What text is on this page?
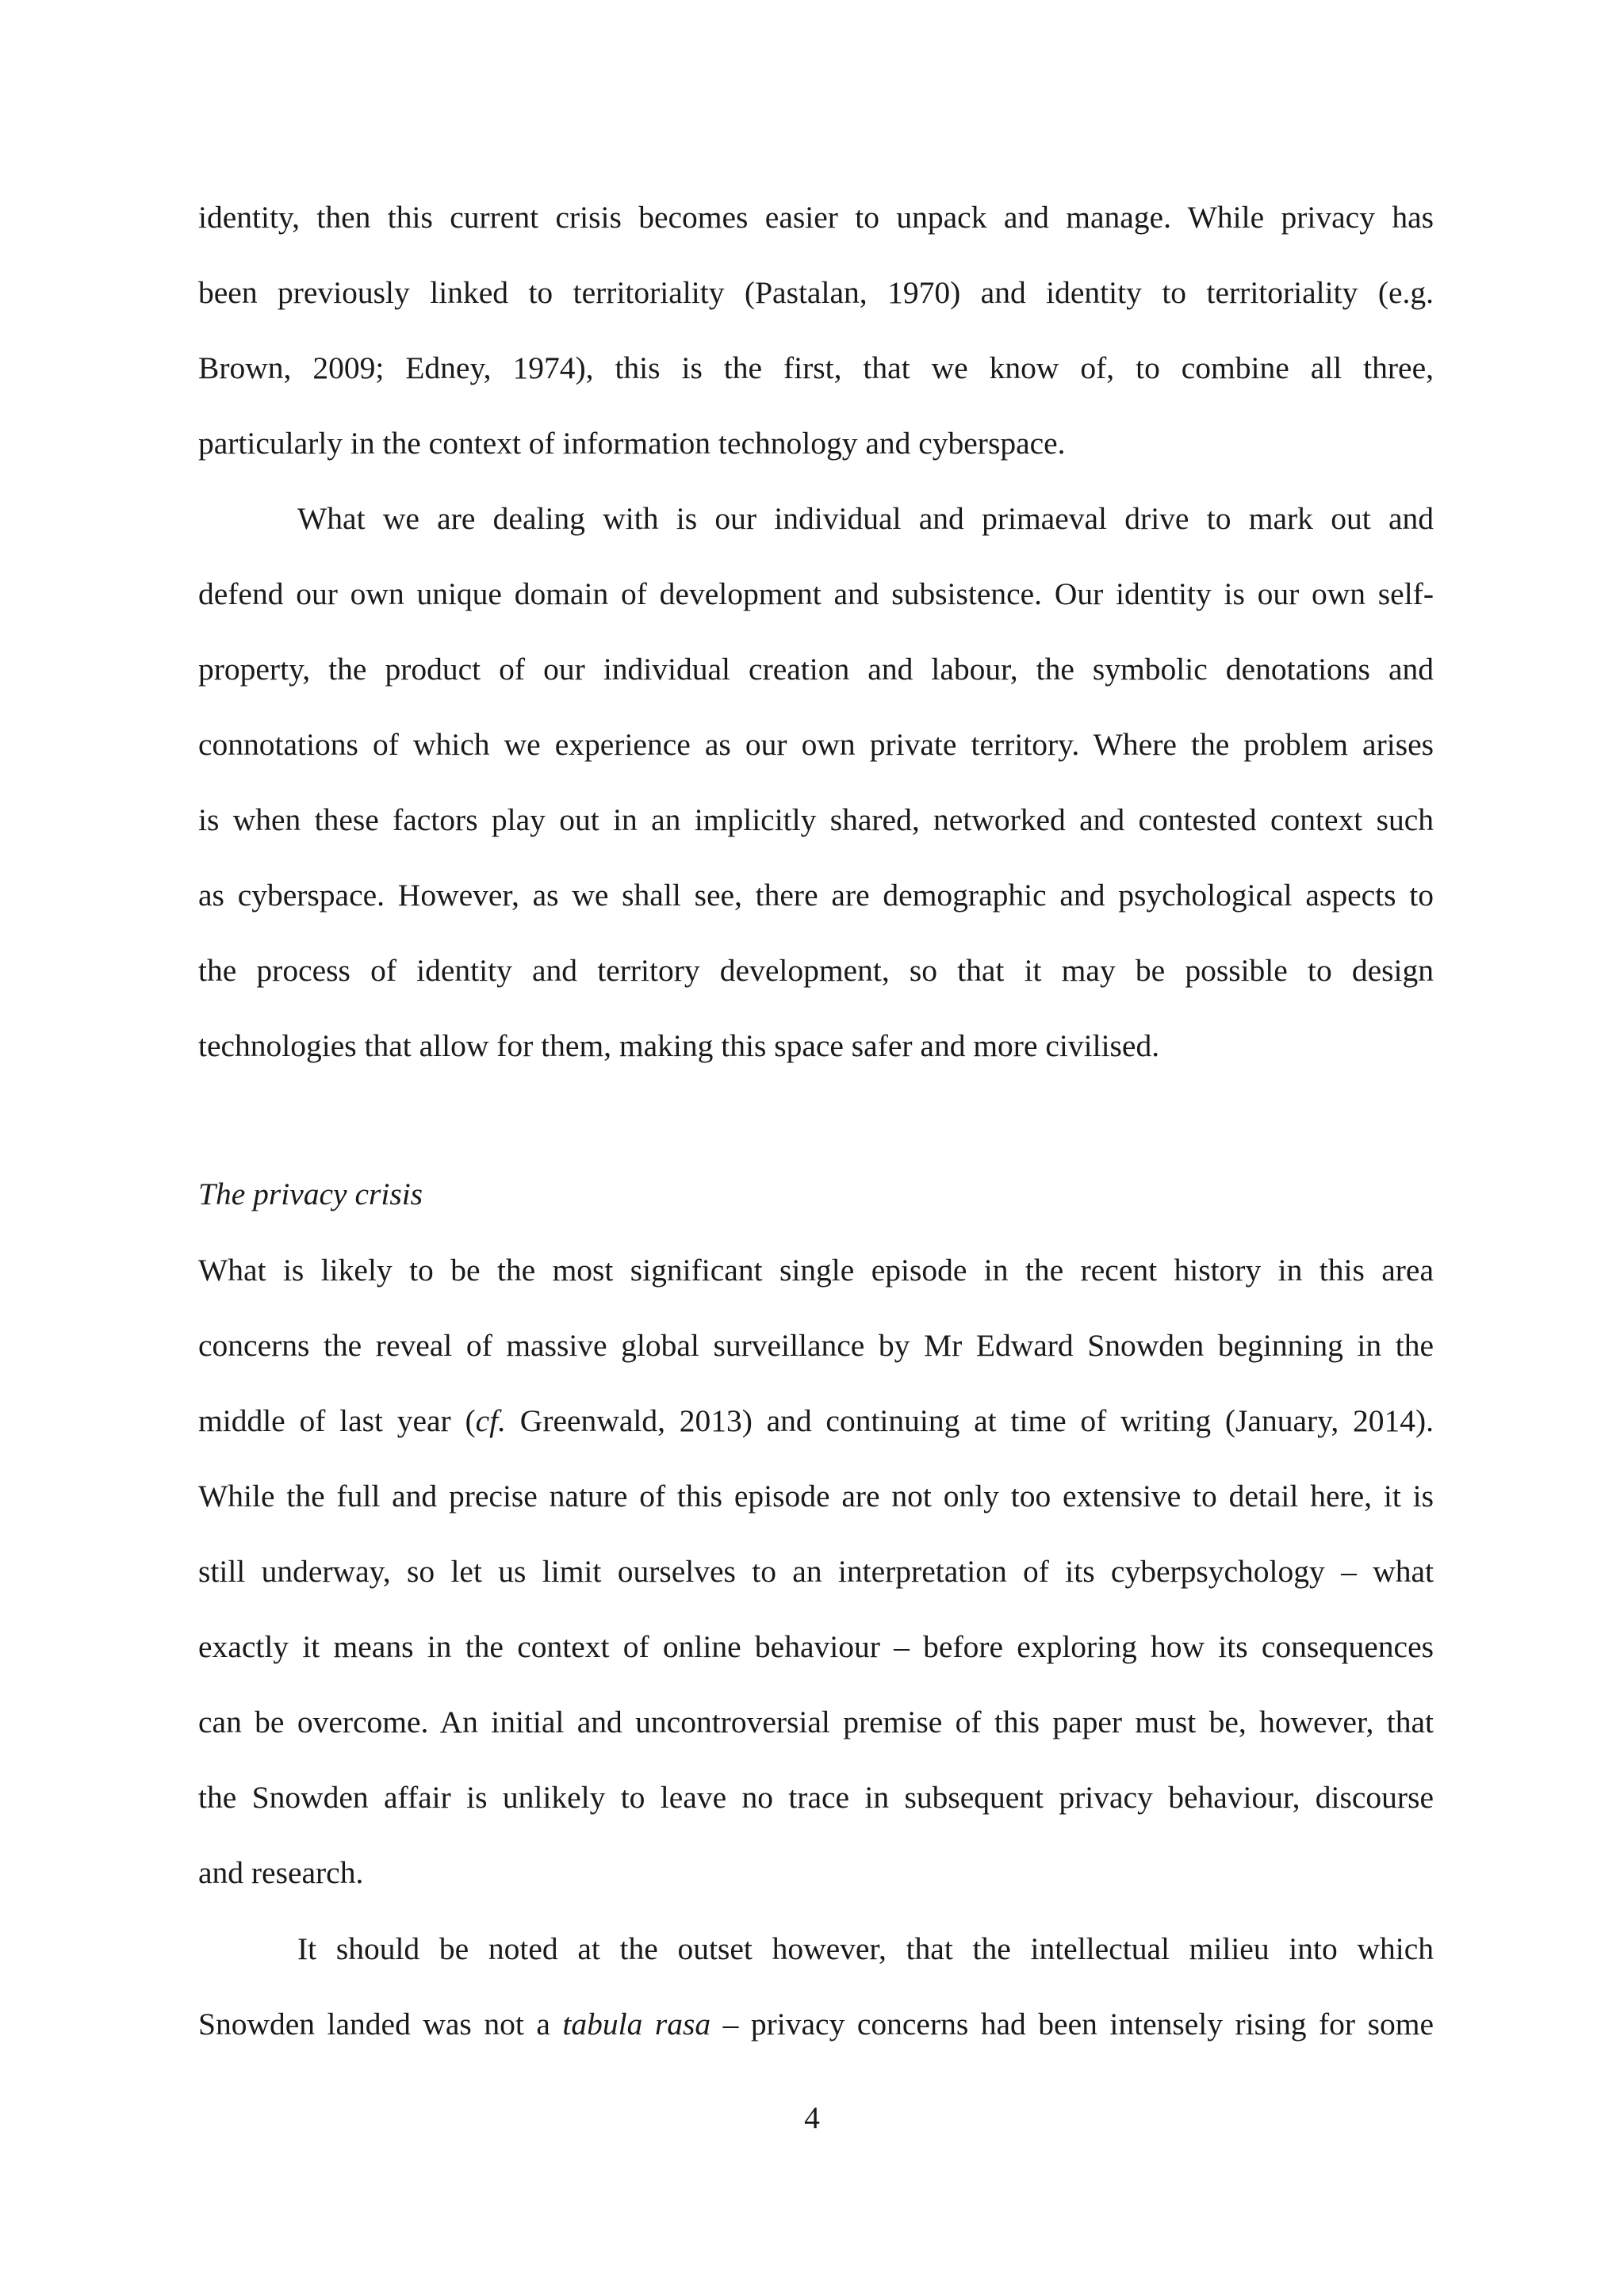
identity, then this current crisis becomes easier to unpack and manage. While privacy has
been previously linked to territoriality (Pastalan, 1970) and identity to territoriality (e.g.
Brown, 2009; Edney, 1974), this is the first, that we know of, to combine all three,
particularly in the context of information technology and cyberspace.
What we are dealing with is our individual and primaeval drive to mark out and
defend our own unique domain of development and subsistence. Our identity is our own self-
property, the product of our individual creation and labour, the symbolic denotations and
connotations of which we experience as our own private territory. Where the problem arises
is when these factors play out in an implicitly shared, networked and contested context such
as cyberspace. However, as we shall see, there are demographic and psychological aspects to
the process of identity and territory development, so that it may be possible to design
technologies that allow for them, making this space safer and more civilised.
The privacy crisis
What is likely to be the most significant single episode in the recent history in this area
concerns the reveal of massive global surveillance by Mr Edward Snowden beginning in the
middle of last year (cf. Greenwald, 2013) and continuing at time of writing (January, 2014).
While the full and precise nature of this episode are not only too extensive to detail here, it is
still underway, so let us limit ourselves to an interpretation of its cyberpsychology – what
exactly it means in the context of online behaviour – before exploring how its consequences
can be overcome. An initial and uncontroversial premise of this paper must be, however, that
the Snowden affair is unlikely to leave no trace in subsequent privacy behaviour, discourse
and research.
It should be noted at the outset however, that the intellectual milieu into which
Snowden landed was not a tabula rasa – privacy concerns had been intensely rising for some
4
